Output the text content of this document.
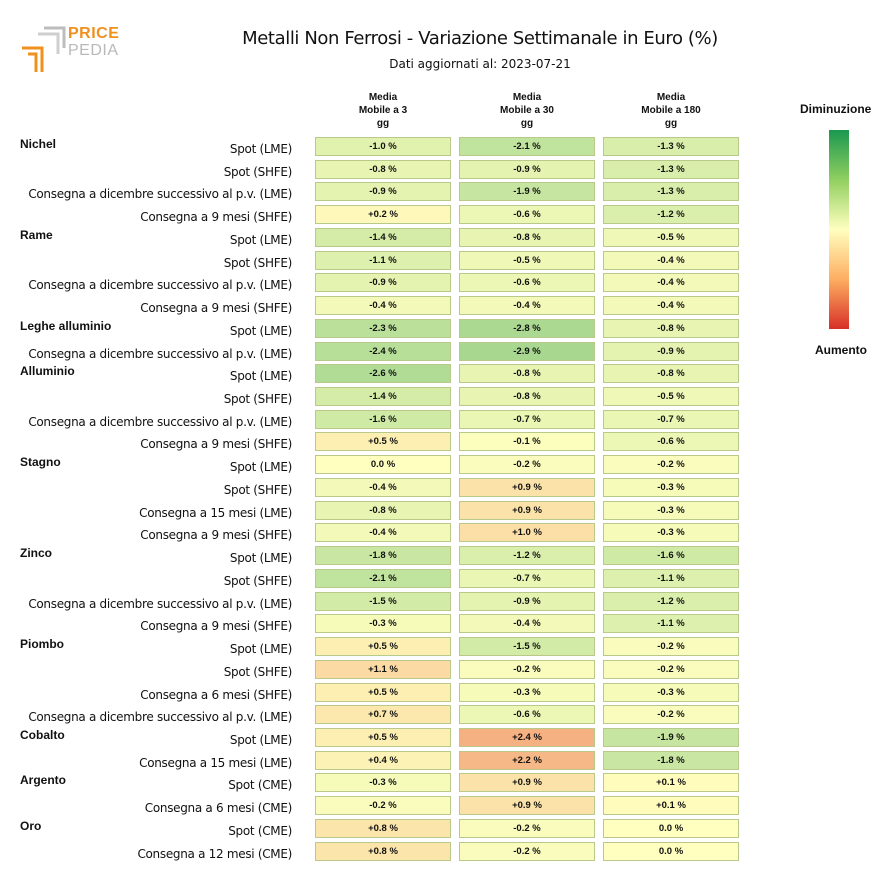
PRICE
PEDIA
Metalli Non Ferrosi - Variazione Settimanale in Euro (%)
Dati aggiornati al: 2023-07-21
Media
Mobile a 3
gg
Media
Mobile a 30
gg
Media
Mobile a 180
gg
Nichel	Spot (LME)	-1.0 %	-2.1 %	-1.3 %
Spot (SHFE)	-0.8 %	-0.9 %	-1.3 %
Consegna a dicembre successivo al p.v. (LME)	-0.9 %	-1.9 %	-1.3 %
Consegna a 9 mesi (SHFE)	+0.2 %	-0.6 %	-1.2 %
Rame	Spot (LME)	-1.4 %	-0.8 %	-0.5 %
Spot (SHFE)	-1.1 %	-0.5 %	-0.4 %
Consegna a dicembre successivo al p.v. (LME)	-0.9 %	-0.6 %	-0.4 %
Consegna a 9 mesi (SHFE)	-0.4 %	-0.4 %	-0.4 %
Leghe alluminio	Spot (LME)	-2.3 %	-2.8 %	-0.8 %
Consegna a dicembre successivo al p.v. (LME)	-2.4 %	-2.9 %	-0.9 %
Alluminio	Spot (LME)	-2.6 %	-0.8 %	-0.8 %
Spot (SHFE)	-1.4 %	-0.8 %	-0.5 %
Consegna a dicembre successivo al p.v. (LME)	-1.6 %	-0.7 %	-0.7 %
Consegna a 9 mesi (SHFE)	+0.5 %	-0.1 %	-0.6 %
Stagno	Spot (LME)	0.0 %	-0.2 %	-0.2 %
Spot (SHFE)	-0.4 %	+0.9 %	-0.3 %
Consegna a 15 mesi (LME)	-0.8 %	+0.9 %	-0.3 %
Consegna a 9 mesi (SHFE)	-0.4 %	+1.0 %	-0.3 %
Zinco	Spot (LME)	-1.8 %	-1.2 %	-1.6 %
Spot (SHFE)	-2.1 %	-0.7 %	-1.1 %
Consegna a dicembre successivo al p.v. (LME)	-1.5 %	-0.9 %	-1.2 %
Consegna a 9 mesi (SHFE)	-0.3 %	-0.4 %	-1.1 %
Piombo	Spot (LME)	+0.5 %	-1.5 %	-0.2 %
Spot (SHFE)	+1.1 %	-0.2 %	-0.2 %
Consegna a 6 mesi (SHFE)	+0.5 %	-0.3 %	-0.3 %
Consegna a dicembre successivo al p.v. (LME)	+0.7 %	-0.6 %	-0.2 %
Cobalto	Spot (LME)	+0.5 %	+2.4 %	-1.9 %
Consegna a 15 mesi (LME)	+0.4 %	+2.2 %	-1.8 %
Argento	Spot (CME)	-0.3 %	+0.9 %	+0.1 %
Consegna a 6 mesi (CME)	-0.2 %	+0.9 %	+0.1 %
Oro	Spot (CME)	+0.8 %	-0.2 %	0.0 %
Consegna a 12 mesi (CME)	+0.8 %	-0.2 %	0.0 %
Diminuzione
Aumento
